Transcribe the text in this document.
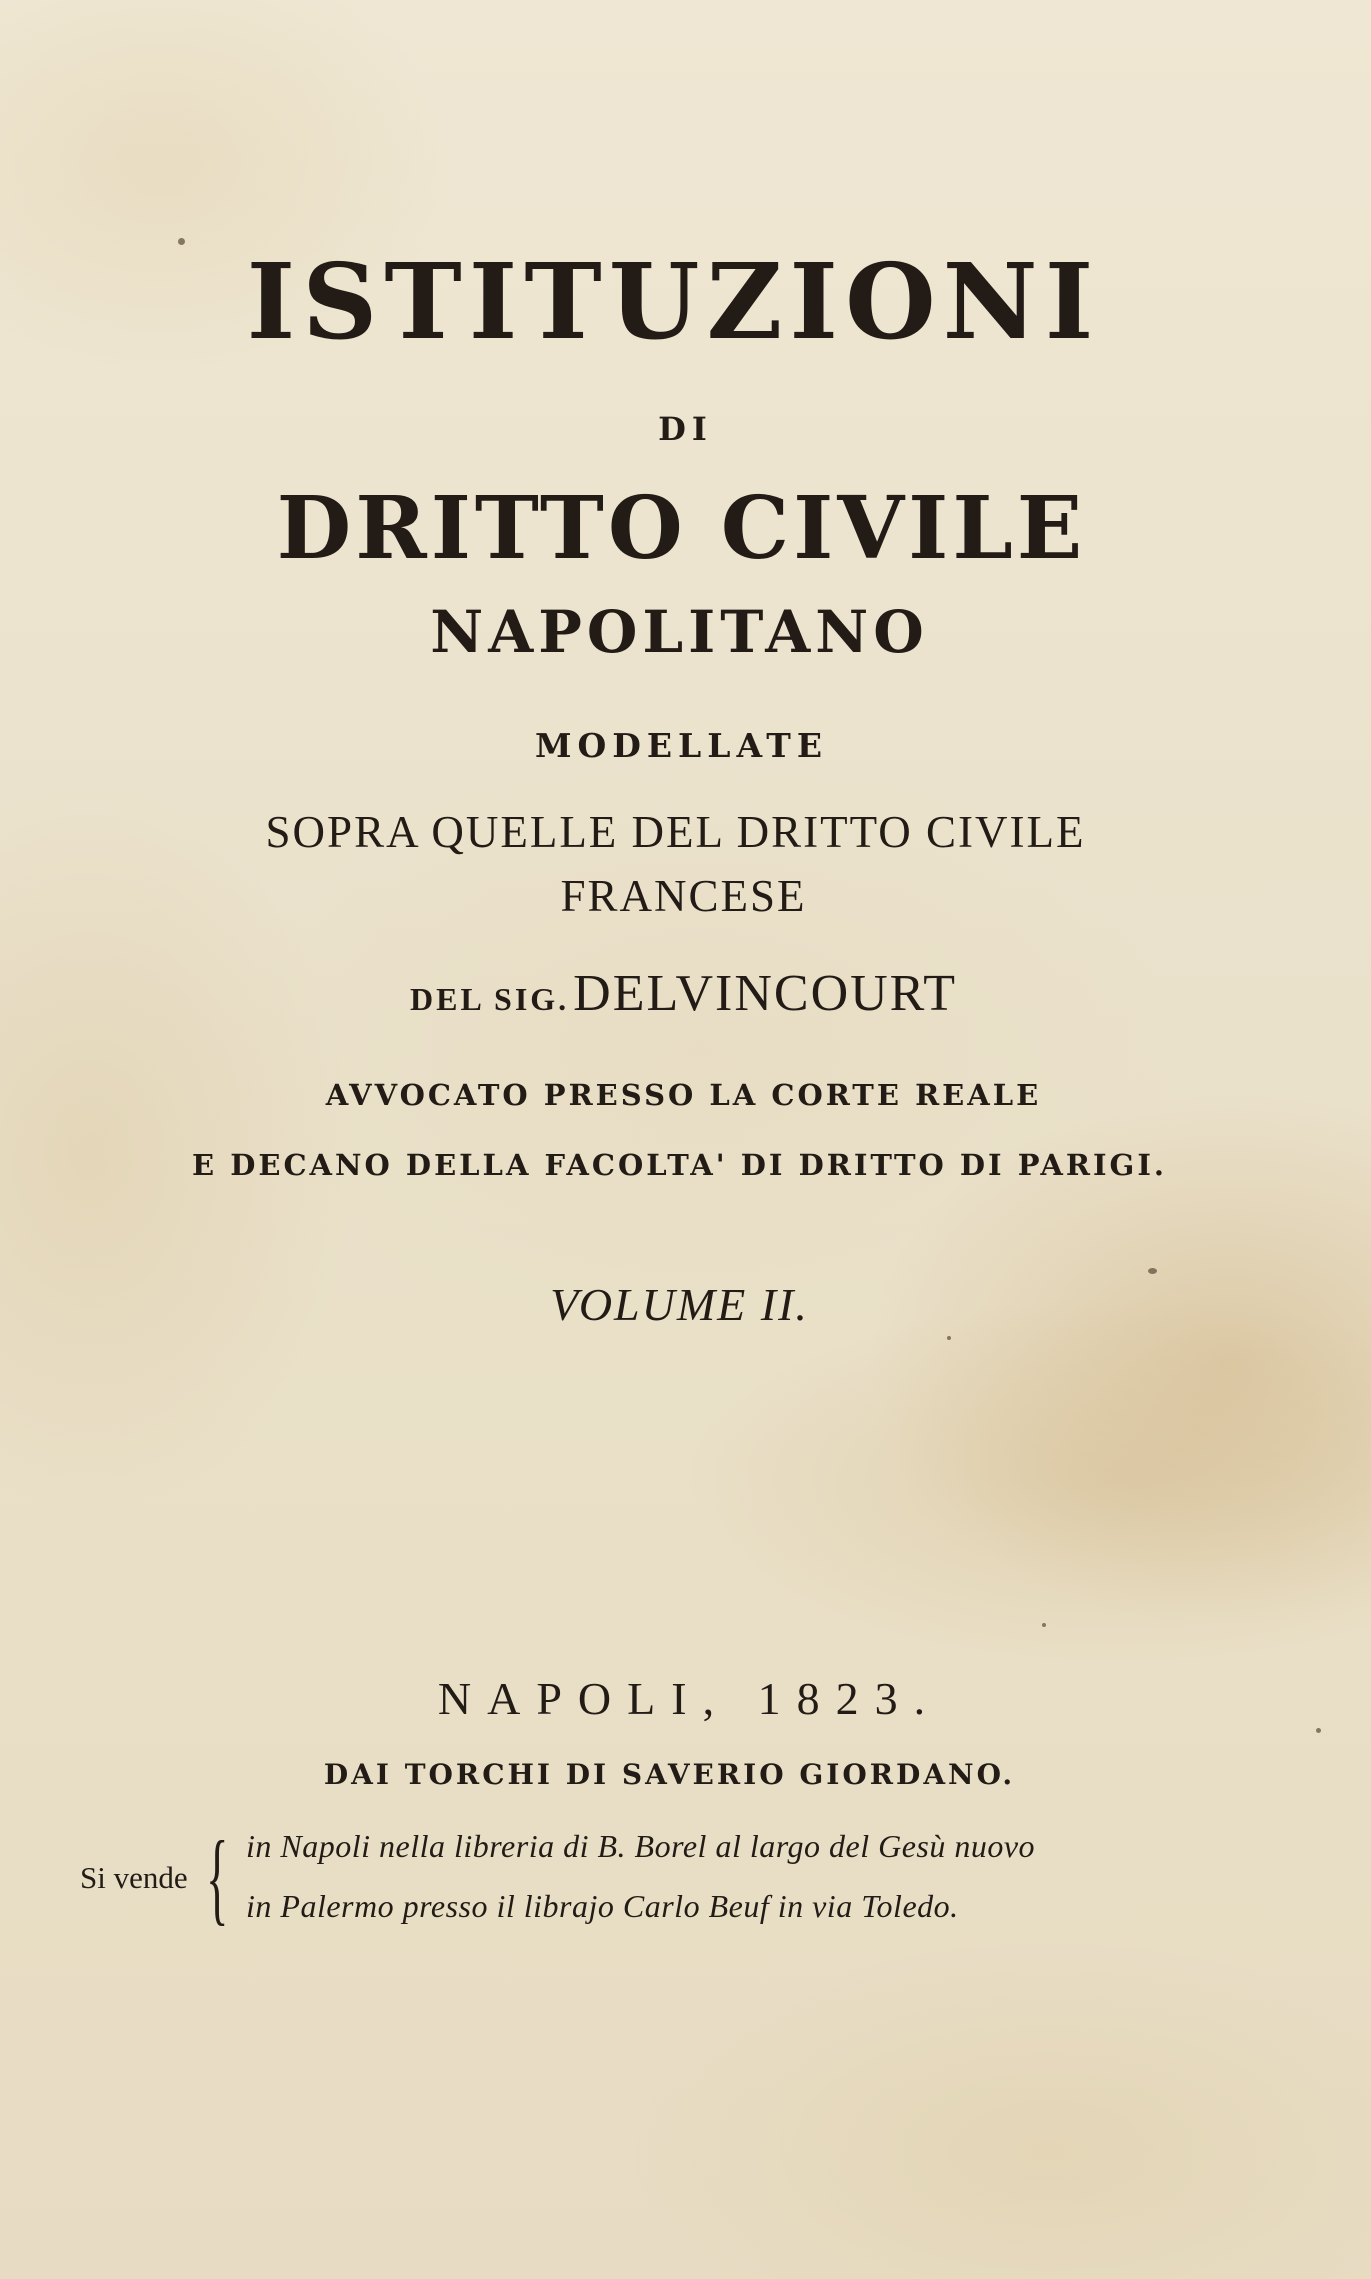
ISTITUZIONI
DI
DRITTO CIVILE
NAPOLITANO
MODELLATE
SOPRA QUELLE DEL DRITTO CIVILE
FRANCESE
DEL SIG. DELVINCOURT
AVVOCATO PRESSO LA CORTE REALE
E DECANO DELLA FACOLTA' DI DRITTO DI PARIGI.
VOLUME II.
NAPOLI, 1823.
DAI TORCHI DI SAVERIO GIORDANO.
Si vende { in Napoli nella libreria di B. Borel al largo del Gesù nuovo
in Palermo presso il librajo Carlo Beuf in via Toledo.
